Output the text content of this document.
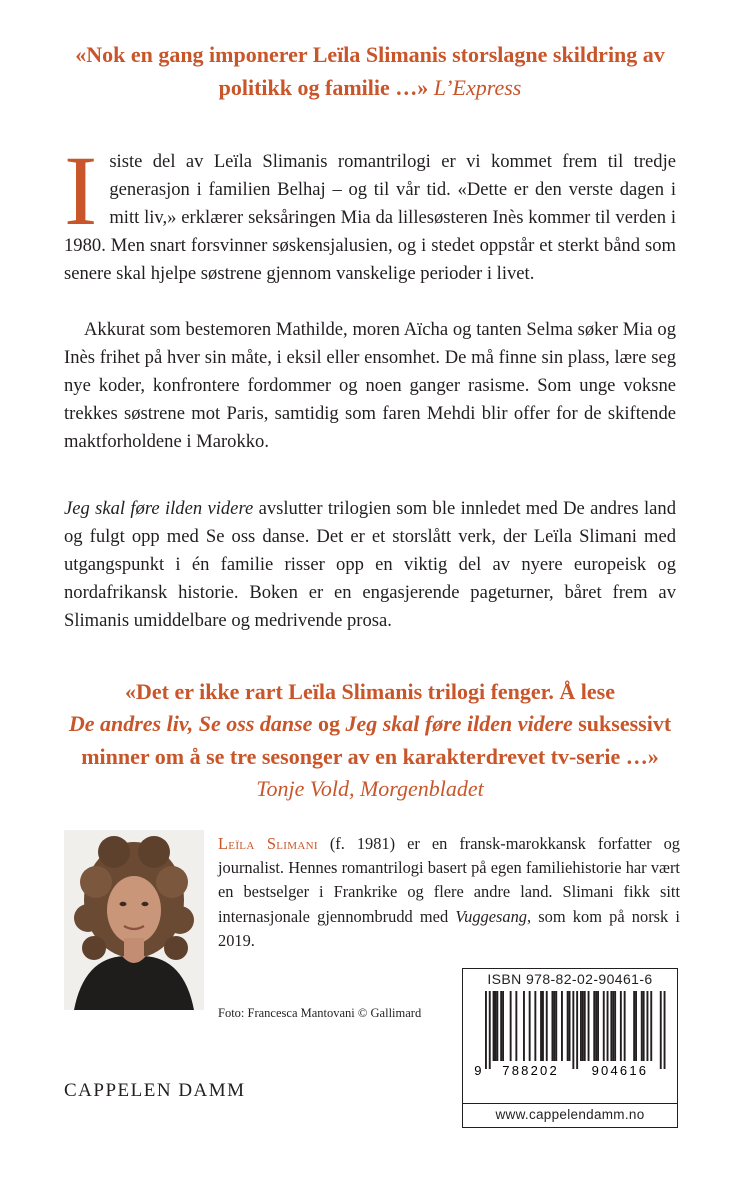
«Nok en gang imponerer Leïla Slimanis storslagne skildring av politikk og familie …» L’Express
I siste del av Leïla Slimanis romantrilogi er vi kommet frem til tredje generasjon i familien Belhaj – og til vår tid. «Dette er den verste dagen i mitt liv,» erklærer seksåringen Mia da lillesøsteren Inès kommer til verden i 1980. Men snart forsvinner søskensjalusien, og i stedet oppstår et sterkt bånd som senere skal hjelpe søstrene gjennom vanskelige perioder i livet.
Akkurat som bestemoren Mathilde, moren Aïcha og tanten Selma søker Mia og Inès frihet på hver sin måte, i eksil eller ensomhet. De må finne sin plass, lære seg nye koder, konfrontere fordommer og noen ganger rasisme. Som unge voksne trekkes søstrene mot Paris, samtidig som faren Mehdi blir offer for de skiftende maktforholdene i Marokko.
Jeg skal føre ilden videre avslutter trilogien som ble innledet med De andres land og fulgt opp med Se oss danse. Det er et storslått verk, der Leïla Slimani med utgangspunkt i én familie risser opp en viktig del av nyere europeisk og nordafrikansk historie. Boken er en engasjerende pageturner, båret frem av Slimanis umiddelbare og medrivende prosa.
«Det er ikke rart Leïla Slimanis trilogi fenger. Å lese
De andres liv, Se oss danse og Jeg skal føre ilden videre suksessivt minner om å se tre sesonger av en karakterdrevet tv-serie …» Tonje Vold, Morgenbladet
Leïla Slimani (f. 1981) er en fransk-marokkansk forfatter og journalist. Hennes romantrilogi basert på egen familiehistorie har vært en bestselger i Frankrike og flere andre land. Slimani fikk sitt internasjonale gjennombrudd med Vuggesang, som kom på norsk i 2019.
Foto: Francesca Mantovani © Gallimard
CAPPELEN DAMM
ISBN 978-82-02-90461-6
9 788202	904616
www.cappelendamm.no
